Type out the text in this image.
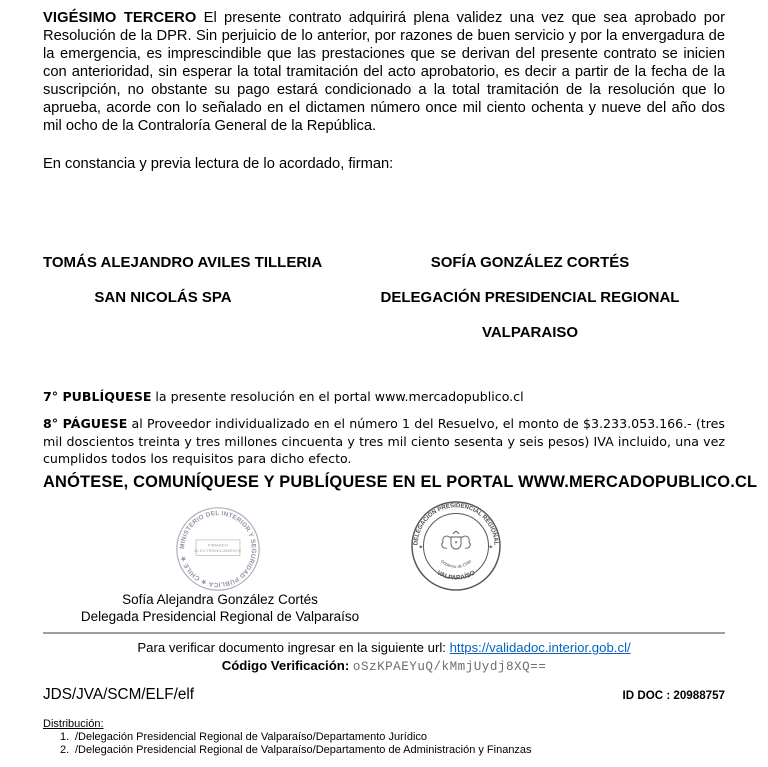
VIGÉSIMO TERCERO El presente contrato adquirirá plena validez una vez que sea aprobado por Resolución de la DPR. Sin perjuicio de lo anterior, por razones de buen servicio y por la envergadura de la emergencia, es imprescindible que las prestaciones que se derivan del presente contrato se inicien con anterioridad, sin esperar la total tramitación del acto aprobatorio, es decir a partir de la fecha de la suscripción, no obstante su pago estará condicionado a la total tramitación de la resolución que lo aprueba, acorde con lo señalado en el dictamen número once mil ciento ochenta y nueve del año dos mil ocho de la Contraloría General de la República.

En constancia y previa lectura de lo acordado, firman:

TOMÁS ALEJANDRO AVILES TILLERIA
SAN NICOLÁS SPA
SOFÍA GONZÁLEZ CORTÉS
DELEGACIÓN PRESIDENCIAL REGIONAL
VALPARAISO

7° PUBLÍQUESE la presente resolución en el portal www.mercadopublico.cl

8° PÁGUESE al Proveedor individualizado en el número 1 del Resuelvo, el monto de $3.233.053.166.- (tres mil doscientos treinta y tres millones cincuenta y tres mil ciento sesenta y seis pesos) IVA incluido, una vez cumplidos todos los requisitos para dicho efecto.

ANÓTESE, COMUNÍQUESE Y PUBLÍQUESE EN EL PORTAL WWW.MERCADOPUBLICO.CL

MINISTERIO DEL INTERIOR Y SEGURIDAD PÚBLICA ★ CHILE ★
FIRMADO
ELECTRÓNICAMENTE
DELEGACIÓN PRESIDENCIAL REGIONAL
VALPARAÍSO
★	★
★
Gobierno de Chile
Sofía Alejandra González Cortés
Delegada Presidencial Regional de Valparaíso
Para verificar documento ingresar en la siguiente url: https://validadoc.interior.gob.cl/
Código Verificación: oSzKPAEYuQ/kMmjUydj8XQ==
JDS/JVA/SCM/ELF/elf	ID DOC : 20988757
Distribución:
1. /Delegación Presidencial Regional de Valparaíso/Departamento Jurídico
2. /Delegación Presidencial Regional de Valparaíso/Departamento de Administración y Finanzas
